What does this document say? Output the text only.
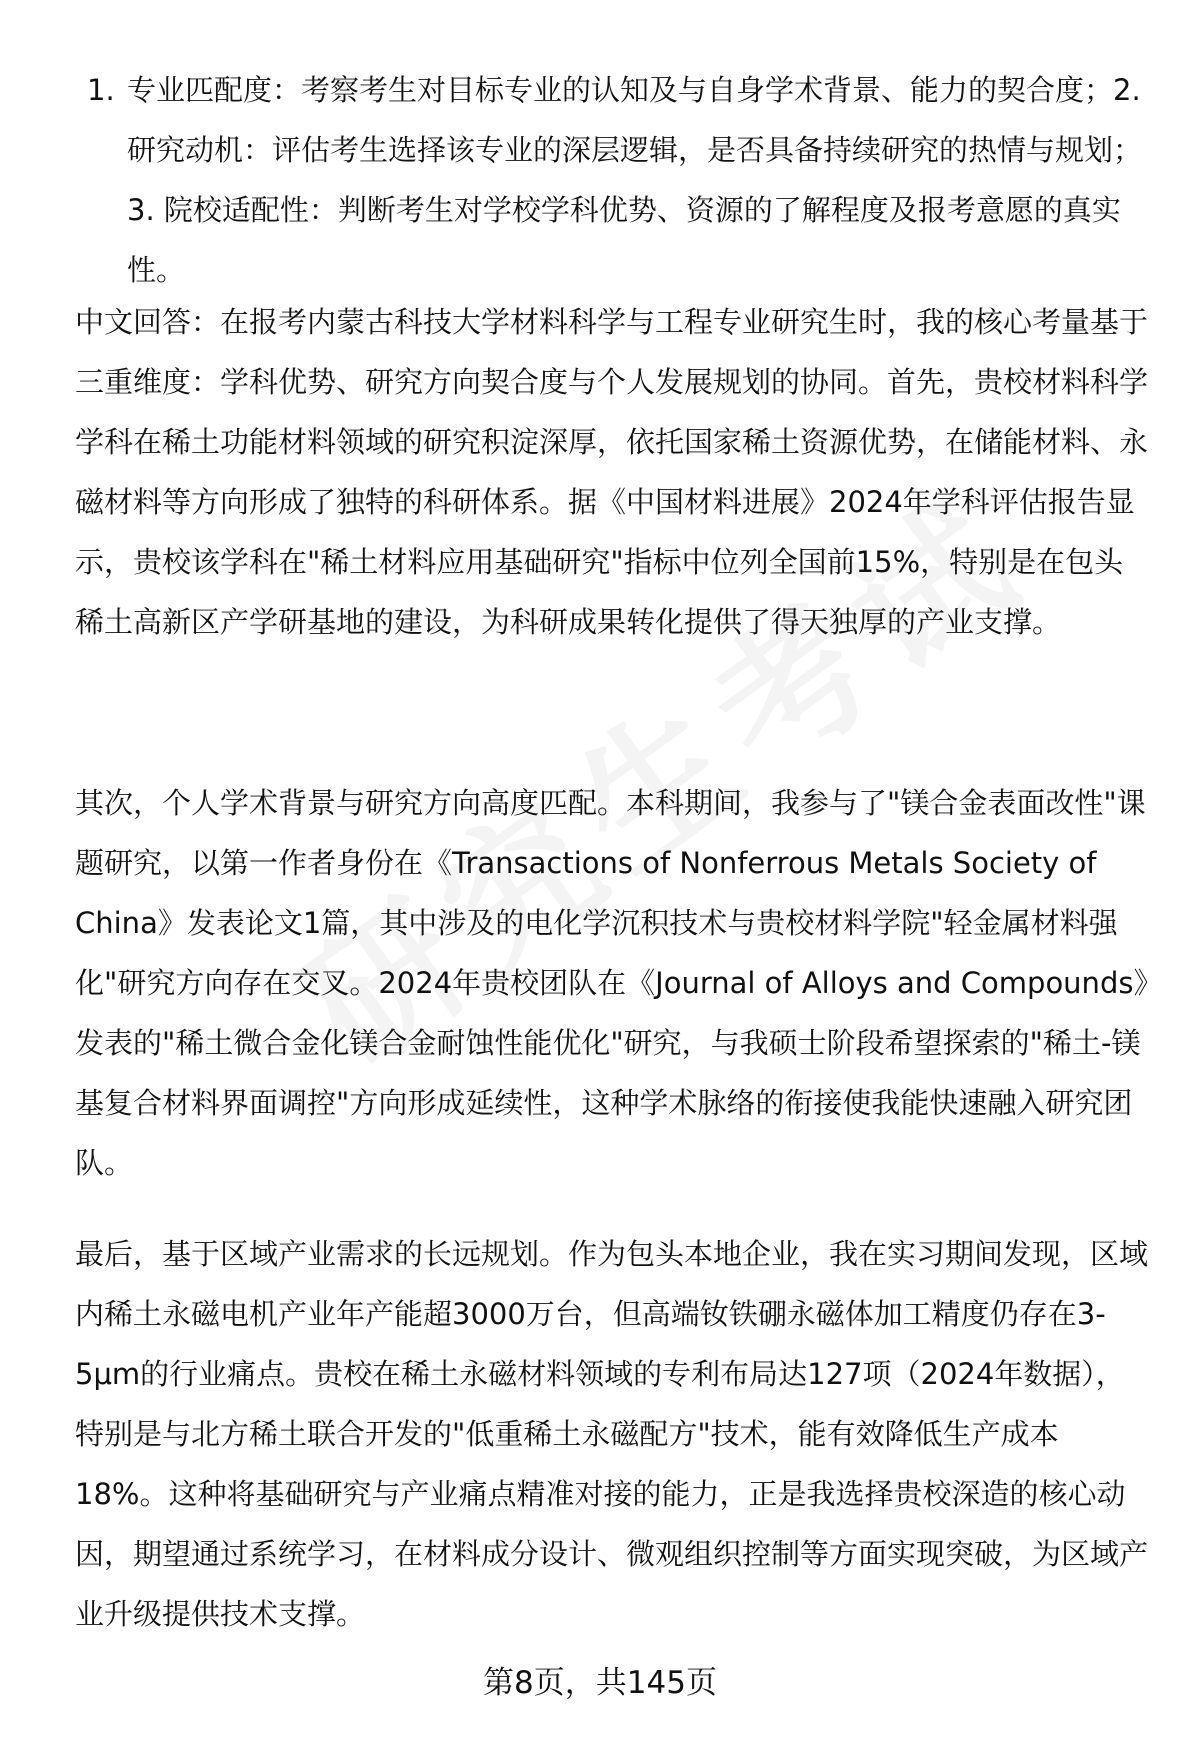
1. 专业匹配度：考察考生对目标专业的认知及与自身学术背景、能力的契合度；2. 研究动机：评估考生选择该专业的深层逻辑，是否具备持续研究的热情与规划；3. 院校适配性：判断考生对学校学科优势、资源的了解程度及报考意愿的真实性。

中文回答：在报考内蒙古科技大学材料科学与工程专业研究生时，我的核心考量基于三重维度：学科优势、研究方向契合度与个人发展规划的协同。首先，贵校材料科学学科在稀土功能材料领域的研究积淀深厚，依托国家稀土资源优势，在储能材料、永磁材料等方向形成了独特的科研体系。据《中国材料进展》2024年学科评估报告显示，贵校该学科在"稀土材料应用基础研究"指标中位列全国前15%，特别是在包头稀土高新区产学研基地的建设，为科研成果转化提供了得天独厚的产业支撑。

其次，个人学术背景与研究方向高度匹配。本科期间，我参与了"镁合金表面改性"课题研究，以第一作者身份在《Transactions of Nonferrous Metals Society of China》发表论文1篇，其中涉及的电化学沉积技术与贵校材料学院"轻金属材料强化"研究方向存在交叉。2024年贵校团队在《Journal of Alloys and Compounds》发表的"稀土微合金化镁合金耐蚀性能优化"研究，与我硕士阶段希望探索的"稀土-镁基复合材料界面调控"方向形成延续性，这种学术脉络的衔接使我能快速融入研究团队。

最后，基于区域产业需求的长远规划。作为包头本地企业，我在实习期间发现，区域内稀土永磁电机产业年产能超3000万台，但高端钕铁硼永磁体加工精度仍存在3-5μm的行业痛点。贵校在稀土永磁材料领域的专利布局达127项（2024年数据），特别是与北方稀土联合开发的"低重稀土永磁配方"技术，能有效降低生产成本18%。这种将基础研究与产业痛点精准对接的能力，正是我选择贵校深造的核心动因，期望通过系统学习，在材料成分设计、微观组织控制等方面实现突破，为区域产业升级提供技术支撑。

第8页，共145页
